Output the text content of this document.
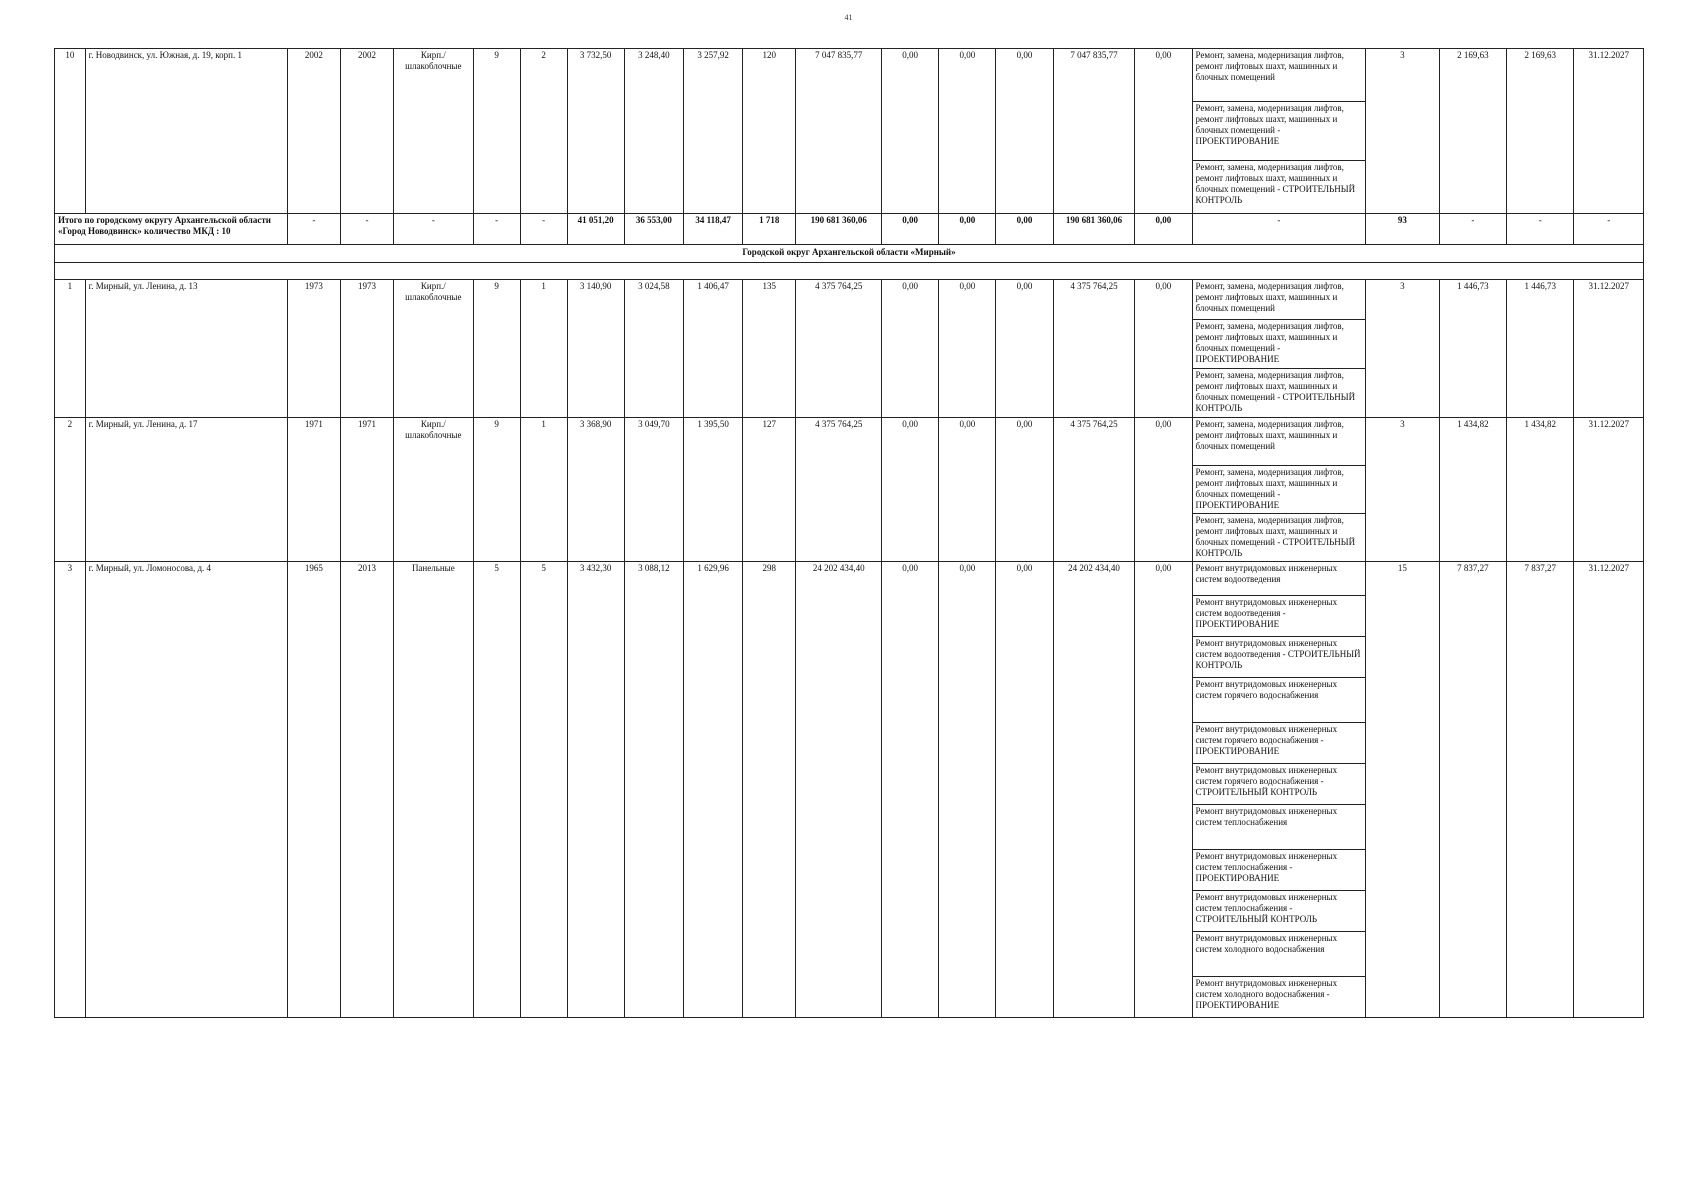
41
10	г. Новодвинск, ул. Южная, д. 19, корп. 1	2002	2002	Кирп./ шлакоблочные	9	2	3 732,50	3 248,40	3 257,92	120	7 047 835,77	0,00	0,00	0,00	7 047 835,77	0,00	Ремонт, замена, модернизация лифтов, ремонт лифтовых шахт, машинных и блочных помещений	3	2 169,63	2 169,63	31.12.2027
																	Ремонт, замена, модернизация лифтов, ремонт лифтовых шахт, машинных и блочных помещений - ПРОЕКТИРОВАНИЕ				
																	Ремонт, замена, модернизация лифтов, ремонт лифтовых шахт, машинных и блочных помещений - СТРОИТЕЛЬНЫЙ КОНТРОЛЬ				
Итого по городскому округу Архангельской области «Город Новодвинск» количество МКД : 10		-	-	-	-	-	41 051,20	36 553,00	34 118,47	1 718	190 681 360,06	0,00	0,00	0,00	190 681 360,06	0,00	-	93	-	-	-
Городской округ Архангельской области «Мирный»																					

1	г. Мирный, ул. Ленина, д. 13	1973	1973	Кирп./ шлакоблочные	9	1	3 140,90	3 024,58	1 406,47	135	4 375 764,25	0,00	0,00	0,00	4 375 764,25	0,00	Ремонт, замена, модернизация лифтов, ремонт лифтовых шахт, машинных и блочных помещений	3	1 446,73	1 446,73	31.12.2027
																	Ремонт, замена, модернизация лифтов, ремонт лифтовых шахт, машинных и блочных помещений - ПРОЕКТИРОВАНИЕ				
																	Ремонт, замена, модернизация лифтов, ремонт лифтовых шахт, машинных и блочных помещений - СТРОИТЕЛЬНЫЙ КОНТРОЛЬ				
2	г. Мирный, ул. Ленина, д. 17	1971	1971	Кирп./ шлакоблочные	9	1	3 368,90	3 049,70	1 395,50	127	4 375 764,25	0,00	0,00	0,00	4 375 764,25	0,00	Ремонт, замена, модернизация лифтов, ремонт лифтовых шахт, машинных и блочных помещений	3	1 434,82	1 434,82	31.12.2027
																	Ремонт, замена, модернизация лифтов, ремонт лифтовых шахт, машинных и блочных помещений - ПРОЕКТИРОВАНИЕ				
																	Ремонт, замена, модернизация лифтов, ремонт лифтовых шахт, машинных и блочных помещений - СТРОИТЕЛЬНЫЙ КОНТРОЛЬ				
3	г. Мирный, ул. Ломоносова, д. 4	1965	2013	Панельные	5	5	3 432,30	3 088,12	1 629,96	298	24 202 434,40	0,00	0,00	0,00	24 202 434,40	0,00	Ремонт внутридомовых инженерных систем водоотведения	15	7 837,27	7 837,27	31.12.2027
																	Ремонт внутридомовых инженерных систем водоотведения - ПРОЕКТИРОВАНИЕ				
																	Ремонт внутридомовых инженерных систем водоотведения - СТРОИТЕЛЬНЫЙ КОНТРОЛЬ				
																	Ремонт внутридомовых инженерных систем горячего водоснабжения				
																	Ремонт внутридомовых инженерных систем горячего водоснабжения - ПРОЕКТИРОВАНИЕ				
																	Ремонт внутридомовых инженерных систем горячего водоснабжения - СТРОИТЕЛЬНЫЙ КОНТРОЛЬ				
																	Ремонт внутридомовых инженерных систем теплоснабжения				
																	Ремонт внутридомовых инженерных систем теплоснабжения - ПРОЕКТИРОВАНИЕ				
																	Ремонт внутридомовых инженерных систем теплоснабжения - СТРОИТЕЛЬНЫЙ КОНТРОЛЬ				
																	Ремонт внутридомовых инженерных систем холодного водоснабжения				
																	Ремонт внутридомовых инженерных систем холодного водоснабжения - ПРОЕКТИРОВАНИЕ				
